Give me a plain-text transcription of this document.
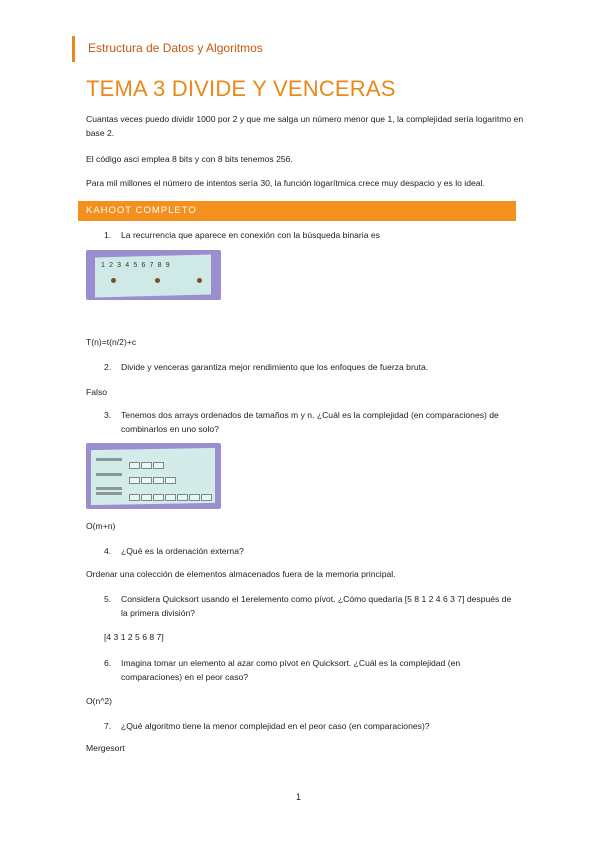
Estructura de Datos y Algoritmos
TEMA 3 DIVIDE Y VENCERAS
Cuantas veces puedo dividir 1000 por 2 y que me salga un número menor que 1, la complejidad sería logaritmo en base 2.
El código asci emplea 8 bits y con 8 bits tenemos 256.
Para mil millones el número de intentos sería 30, la función logarítmica crece muy despacio y es lo ideal.
KAHOOT COMPLETO
1. La recurrencia que aparece en conexión con la búsqueda binaria es
123456789
T(n)=t(n/2)+c
2. Divide y venceras garantiza mejor rendimiento que los enfoques de fuerza bruta.
Falso
3. Tenemos dos arrays ordenados de tamaños m y n. ¿Cuál es la complejidad (en comparaciones) de combinarlos en uno solo?
O(m+n)
4. ¿Qué es la ordenación externa?
Ordenar una colección de elementos almacenados fuera de la memoria principal.
5. Considera Quicksort usando el 1erelemento como pívot. ¿Cómo quedaría [5 8 1 2 4 6 3 7] después de la primera división?
[4 3 1 2 5 6 8 7]
6. Imagina tomar un elemento al azar como pívot en Quicksort. ¿Cuál es la complejidad (en comparaciones) en el peor caso?
O(n^2)
7. ¿Qué algoritmo tiene la menor complejidad en el peor caso (en comparaciones)?
Mergesort
1
